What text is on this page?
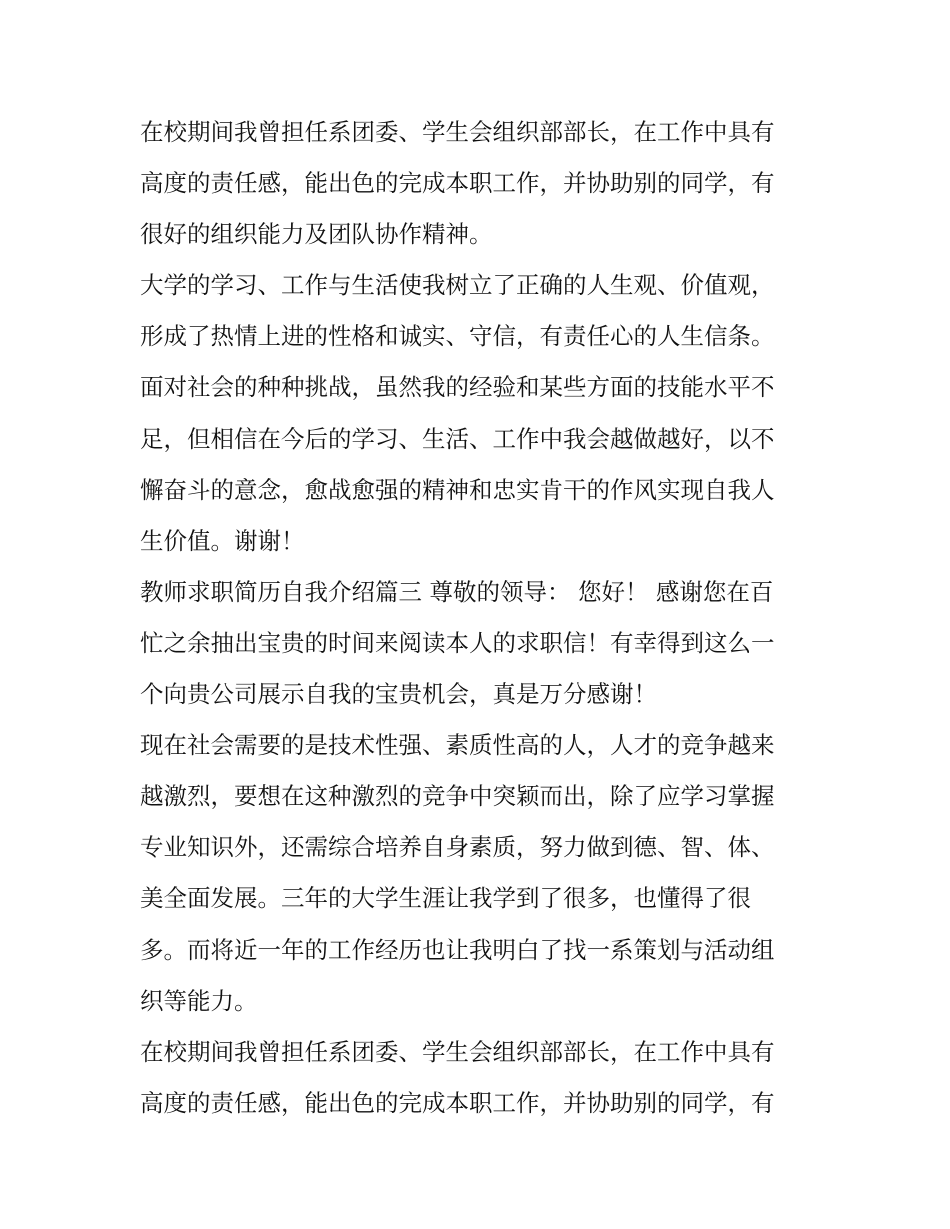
在校期间我曾担任系团委、学生会组织部部长，在工作中具有
高度的责任感，能出色的完成本职工作，并协助别的同学，有
很好的组织能力及团队协作精神。
大学的学习、工作与生活使我树立了正确的人生观、价值观，
形成了热情上进的性格和诚实、守信，有责任心的人生信条。
面对社会的种种挑战，虽然我的经验和某些方面的技能水平不
足，但相信在今后的学习、生活、工作中我会越做越好，以不
懈奋斗的意念，愈战愈强的精神和忠实肯干的作风实现自我人
生价值。谢谢！
教师求职简历自我介绍篇三 尊敬的领导： 您好！ 感谢您在百
忙之余抽出宝贵的时间来阅读本人的求职信！有幸得到这么一
个向贵公司展示自我的宝贵机会，真是万分感谢！
现在社会需要的是技术性强、素质性高的人，人才的竞争越来
越激烈，要想在这种激烈的竞争中突颖而出，除了应学习掌握
专业知识外，还需综合培养自身素质，努力做到德、智、体、
美全面发展。三年的大学生涯让我学到了很多，也懂得了很
多。而将近一年的工作经历也让我明白了找一系策划与活动组
织等能力。
在校期间我曾担任系团委、学生会组织部部长，在工作中具有
高度的责任感，能出色的完成本职工作，并协助别的同学，有
